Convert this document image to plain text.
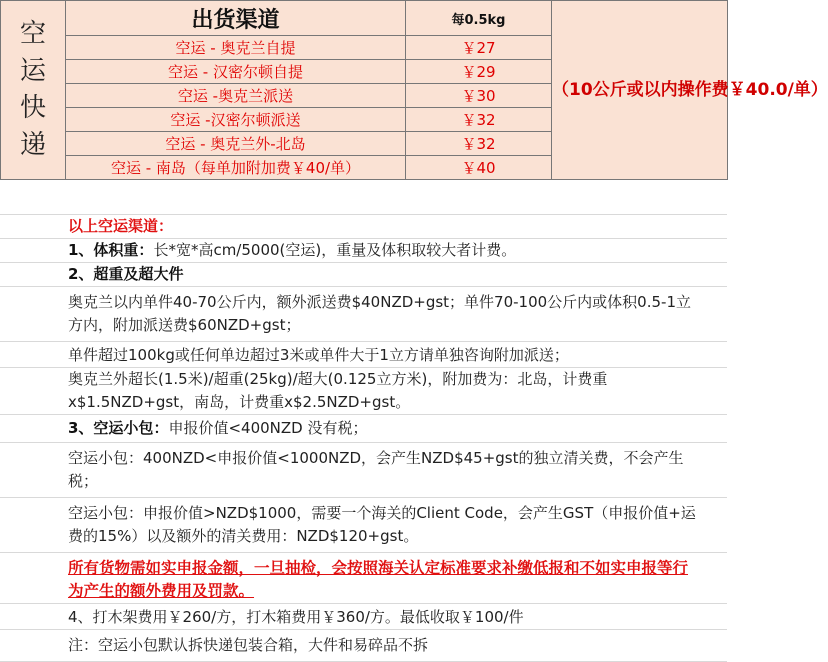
空
运
快
递	出货渠道	每0.5kg	（10公斤或以内操作费￥40.0/单）
	空运 - 奥克兰自提	￥27	
	空运 - 汉密尔顿自提	￥29	
	空运 -奥克兰派送	￥30	
	空运 -汉密尔顿派送	￥32	
	空运 - 奥克兰外-北岛	￥32	
	空运 - 南岛（每单加附加费￥40/单）	￥40	
以上空运渠道：
1、体积重：长*宽*高cm/5000(空运)，重量及体积取较大者计费。
2、超重及超大件
奥克兰以内单件40-70公斤内，额外派送费$40NZD+gst；单件70-100公斤内或体积0.5-1立
方内，附加派送费$60NZD+gst；
单件超过100kg或任何单边超过3米或单件大于1立方请单独咨询附加派送；
奥克兰外超长(1.5米)/超重(25kg)/超大(0.125立方米)，附加费为：北岛，计费重
x$1.5NZD+gst，南岛，计费重x$2.5NZD+gst。
3、空运小包：申报价值<400NZD 没有税；
空运小包：400NZD<申报价值<1000NZD，会产生NZD$45+gst的独立清关费，不会产生
税；
空运小包：申报价值>NZD$1000，需要一个海关的Client Code，会产生GST（申报价值+运
费的15%）以及额外的清关费用：NZD$120+gst。
所有货物需如实申报金额，一旦抽检，会按照海关认定标准要求补缴低报和不如实申报等行
为产生的额外费用及罚款。
4、打木架费用￥260/方，打木箱费用￥360/方。最低收取￥100/件
注：空运小包默认拆快递包装合箱，大件和易碎品不拆
